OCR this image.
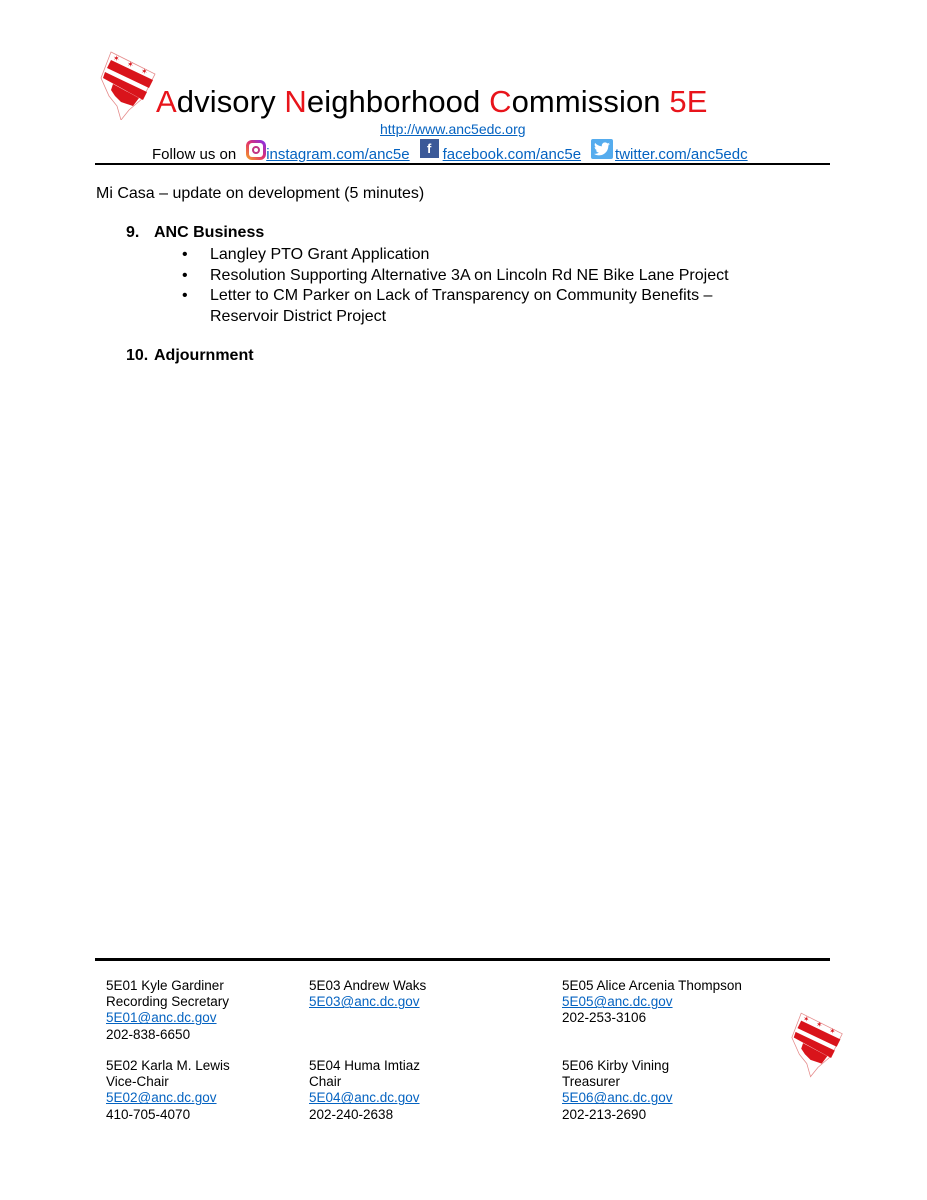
✶
✶
✶
Advisory Neighborhood Commission 5E
http://www.anc5edc.org
Follow us on instagram.com/anc5e	f facebook.com/anc5e twitter.com/anc5edc
Mi Casa – update on development (5 minutes)
9. ANC Business
• Langley PTO Grant Application
• Resolution Supporting Alternative 3A on Lincoln Rd NE Bike Lane Project
• Letter to CM Parker on Lack of Transparency on Community Benefits –
Reservoir District Project
10. Adjournment
5E01 Kyle Gardiner
Recording Secretary
5E01@anc.dc.gov
202-838-6650
5E02 Karla M. Lewis
Vice-Chair
5E02@anc.dc.gov
410-705-4070
5E03 Andrew Waks
5E03@anc.dc.gov
5E04 Huma Imtiaz
Chair
5E04@anc.dc.gov
202-240-2638
5E05 Alice Arcenia Thompson
5E05@anc.dc.gov
202-253-3106
5E06 Kirby Vining
Treasurer
5E06@anc.dc.gov
202-213-2690
✶
✶
✶
